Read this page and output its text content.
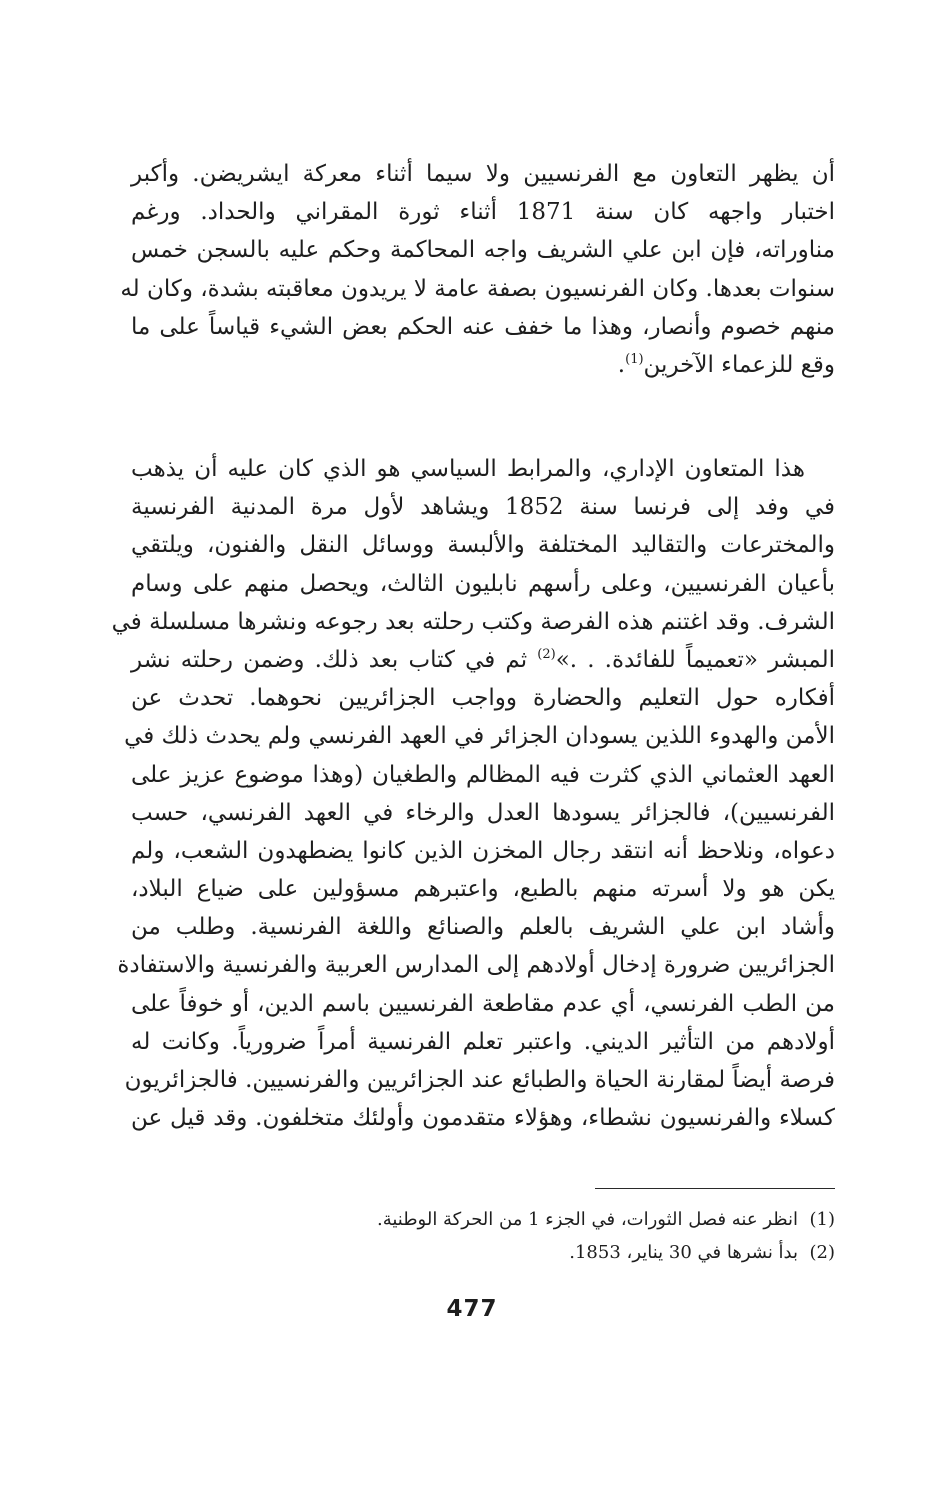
أن يظهر التعاون مع الفرنسيين ولا سيما أثناء معركة ايشريضن. وأكبر
اختبار واجهه كان سنة 1871 أثناء ثورة المقراني والحداد. ورغم
مناوراته، فإن ابن علي الشريف واجه المحاكمة وحكم عليه بالسجن خمس
سنوات بعدها. وكان الفرنسيون بصفة عامة لا يريدون معاقبته بشدة، وكان له
منهم خصوم وأنصار، وهذا ما خفف عنه الحكم بعض الشيء قياساً على ما
وقع للزعماء الآخرين$^{(1)}$.
هذا المتعاون الإداري، والمرابط السياسي هو الذي كان عليه أن يذهب
في وفد إلى فرنسا سنة 1852 ويشاهد لأول مرة المدنية الفرنسية
والمخترعات والتقاليد المختلفة والألبسة ووسائل النقل والفنون، ويلتقي
بأعيان الفرنسيين، وعلى رأسهم نابليون الثالث، ويحصل منهم على وسام
الشرف. وقد اغتنم هذه الفرصة وكتب رحلته بعد رجوعه ونشرها مسلسلة في
المبشر «تعميماً للفائدة. . .»$^{(2)}$ ثم في كتاب بعد ذلك. وضمن رحلته نشر
أفكاره حول التعليم والحضارة وواجب الجزائريين نحوهما. تحدث عن
الأمن والهدوء اللذين يسودان الجزائر في العهد الفرنسي ولم يحدث ذلك في
العهد العثماني الذي كثرت فيه المظالم والطغيان (وهذا موضوع عزيز على
الفرنسيين)، فالجزائر يسودها العدل والرخاء في العهد الفرنسي، حسب
دعواه، ونلاحظ أنه انتقد رجال المخزن الذين كانوا يضطهدون الشعب، ولم
يكن هو ولا أسرته منهم بالطبع، واعتبرهم مسؤولين على ضياع البلاد،
وأشاد ابن علي الشريف بالعلم والصنائع واللغة الفرنسية. وطلب من
الجزائريين ضرورة إدخال أولادهم إلى المدارس العربية والفرنسية والاستفادة
من الطب الفرنسي، أي عدم مقاطعة الفرنسيين باسم الدين، أو خوفاً على
أولادهم من التأثير الديني. واعتبر تعلم الفرنسية أمراً ضرورياً. وكانت له
فرصة أيضاً لمقارنة الحياة والطبائع عند الجزائريين والفرنسيين. فالجزائريون
كسلاء والفرنسيون نشطاء، وهؤلاء متقدمون وأولئك متخلفون. وقد قيل عن
(1)  انظر عنه فصل الثورات، في الجزء 1 من الحركة الوطنية.
(2)  بدأ نشرها في 30 يناير، 1853.
477
